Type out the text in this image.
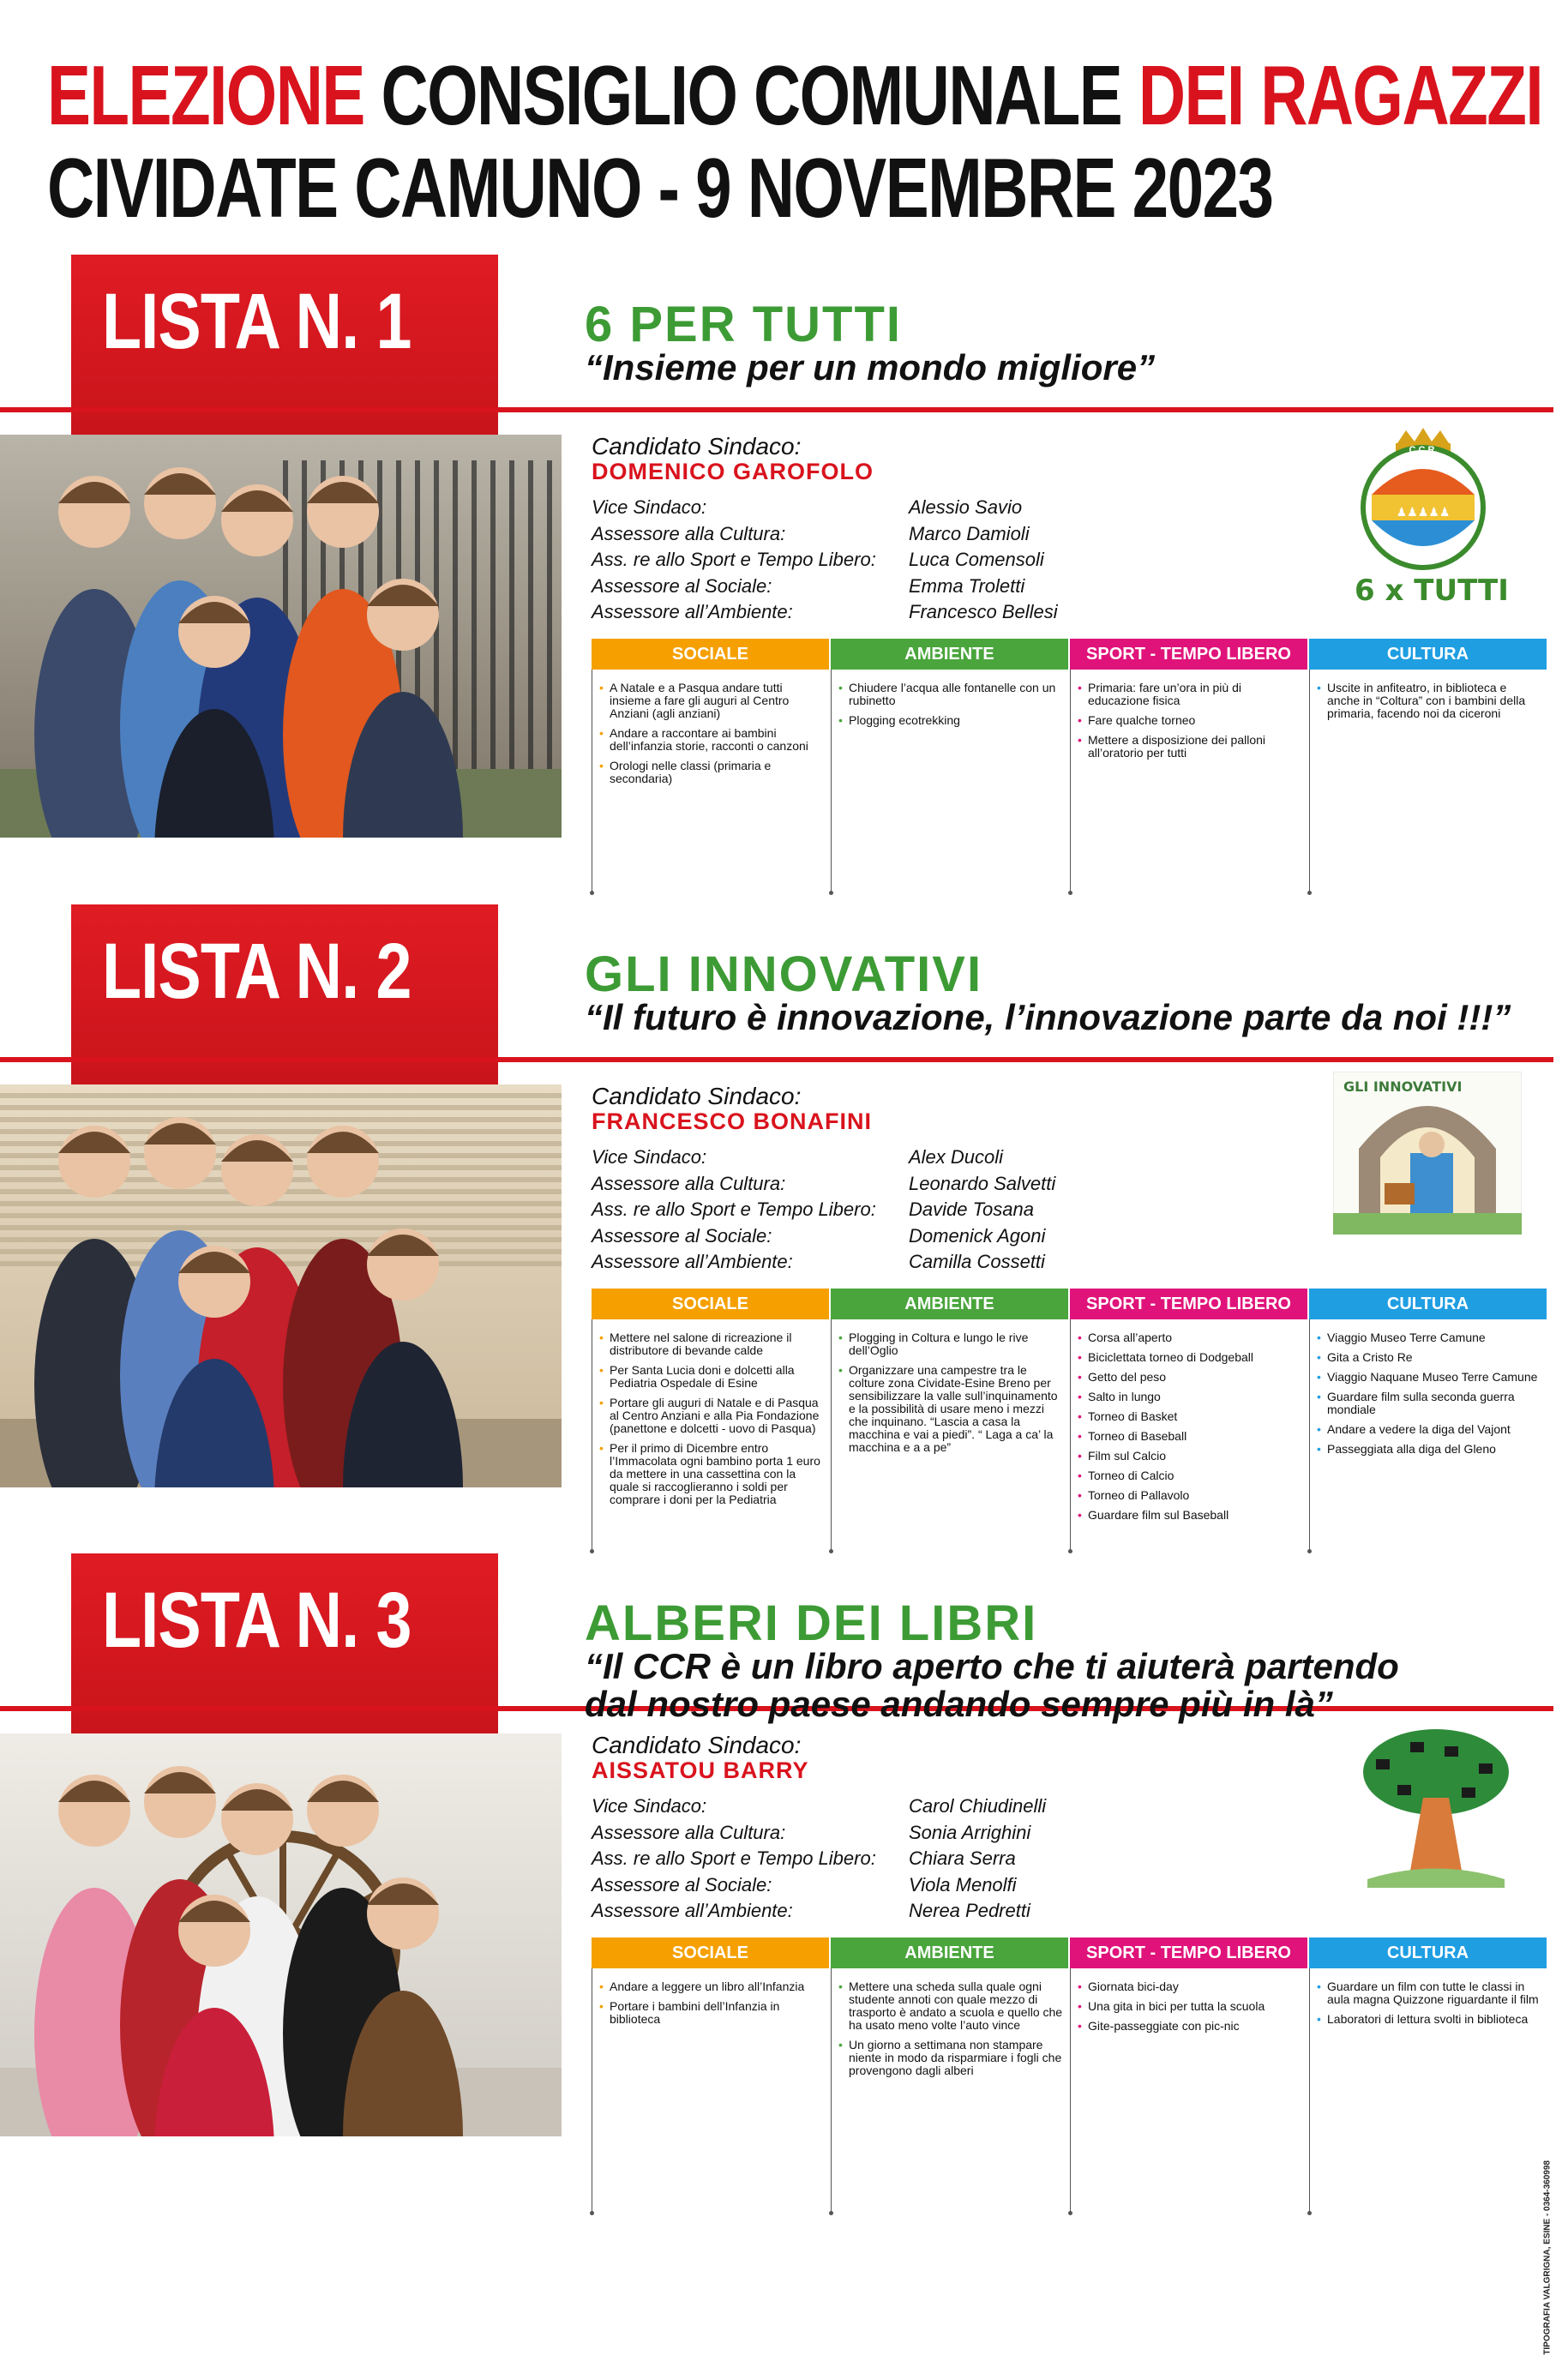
ELEZIONE CONSIGLIO COMUNALE DEI RAGAZZI
CIVIDATE CAMUNO - 9 NOVEMBRE 2023
LISTA N. 1	6 PER TUTTI
“Insieme per un mondo migliore”
Candidato Sindaco:
DOMENICO GAROFOLO
Vice Sindaco:	Alessio Savio
Assessore alla Cultura:	Marco Damioli
Ass. re allo Sport e Tempo Libero: Luca Comensoli
Assessore al Sociale:	Emma Troletti
Assessore all’Ambiente:	Francesco Bellesi
♟♟♟♟♟
C.C.R.
6 x TUTTI
SOCIALE
• A Natale e a Pasqua andare tutti insieme a fare gli auguri al Centro Anziani (agli anziani)
• Andare a raccontare ai bambini dell’infanzia storie, racconti o canzoni
• Orologi nelle classi (primaria e secondaria)
AMBIENTE
• Chiudere l’acqua alle fontanelle con un rubinetto
• Plogging ecotrekking
SPORT - TEMPO LIBERO
• Primaria: fare un’ora in più di educazione fisica
• Fare qualche torneo
• Mettere a disposizione dei palloni all’oratorio per tutti
CULTURA
• Uscite in anfiteatro, in biblioteca e anche in “Coltura” con i bambini della primaria, facendo noi da ciceroni
LISTA N. 2	GLI INNOVATIVI
“Il futuro è innovazione, l’innovazione parte da noi !!!”
Candidato Sindaco:
FRANCESCO BONAFINI
Vice Sindaco:	Alex Ducoli
Assessore alla Cultura:	Leonardo Salvetti
Ass. re allo Sport e Tempo Libero: Davide Tosana
Assessore al Sociale:	Domenick Agoni
Assessore all’Ambiente:	Camilla Cossetti
GLI INNOVATIVI
SOCIALE
• Mettere nel salone di ricreazione il distributore di bevande calde
• Per Santa Lucia doni e dolcetti alla Pediatria Ospedale di Esine
• Portare gli auguri di Natale e di Pasqua al Centro Anziani e alla Pia Fondazione (panettone e dolcetti - uovo di Pasqua)
• Per il primo di Dicembre entro l’Immacolata ogni bambino porta 1 euro da mettere in una cassettina con la quale si raccoglieranno i soldi per comprare i doni per la Pediatria
AMBIENTE
• Plogging in Coltura e lungo le rive dell’Oglio
• Organizzare una campestre tra le colture zona Cividate-Esine Breno per sensibilizzare la valle sull’inquinamento e la possibilità di usare meno i mezzi che inquinano. “Lascia a casa la macchina e vai a piedi”. “ Laga a ca’ la macchina e a a pe”
SPORT - TEMPO LIBERO
• Corsa all’aperto
• Biciclettata torneo di Dodgeball
• Getto del peso
• Salto in lungo
• Torneo di Basket
• Torneo di Baseball
• Film sul Calcio
• Torneo di Calcio
• Torneo di Pallavolo
• Guardare film sul Baseball
CULTURA
• Viaggio Museo Terre Camune
• Gita a Cristo Re
• Viaggio Naquane Museo Terre Camune
• Guardare film sulla seconda guerra mondiale
• Andare a vedere la diga del Vajont
• Passeggiata alla diga del Gleno
LISTA N. 3	ALBERI DEI LIBRI
“Il CCR è un libro aperto che ti aiuterà partendo
dal nostro paese andando sempre più in là”
Candidato Sindaco:
AISSATOU BARRY
Vice Sindaco:	Carol Chiudinelli
Assessore alla Cultura:	Sonia Arrighini
Ass. re allo Sport e Tempo Libero: Chiara Serra
Assessore al Sociale:	Viola Menolfi
Assessore all’Ambiente:	Nerea Pedretti
SOCIALE
• Andare a leggere un libro all’Infanzia
• Portare i bambini dell’Infanzia in biblioteca
AMBIENTE
• Mettere una scheda sulla quale ogni studente annoti con quale mezzo di trasporto è andato a scuola e quello che ha usato meno volte l’auto vince
• Un giorno a settimana non stampare niente in modo da risparmiare i fogli che provengono dagli alberi
SPORT - TEMPO LIBERO
• Giornata bici-day
• Una gita in bici per tutta la scuola
• Gite-passeggiate con pic-nic
CULTURA
• Guardare un film con tutte le classi in aula magna Quizzone riguardante il film
• Laboratori di lettura svolti in biblioteca
TIPOGRAFIA VALGRIGNA, ESINE - 0364-360998
